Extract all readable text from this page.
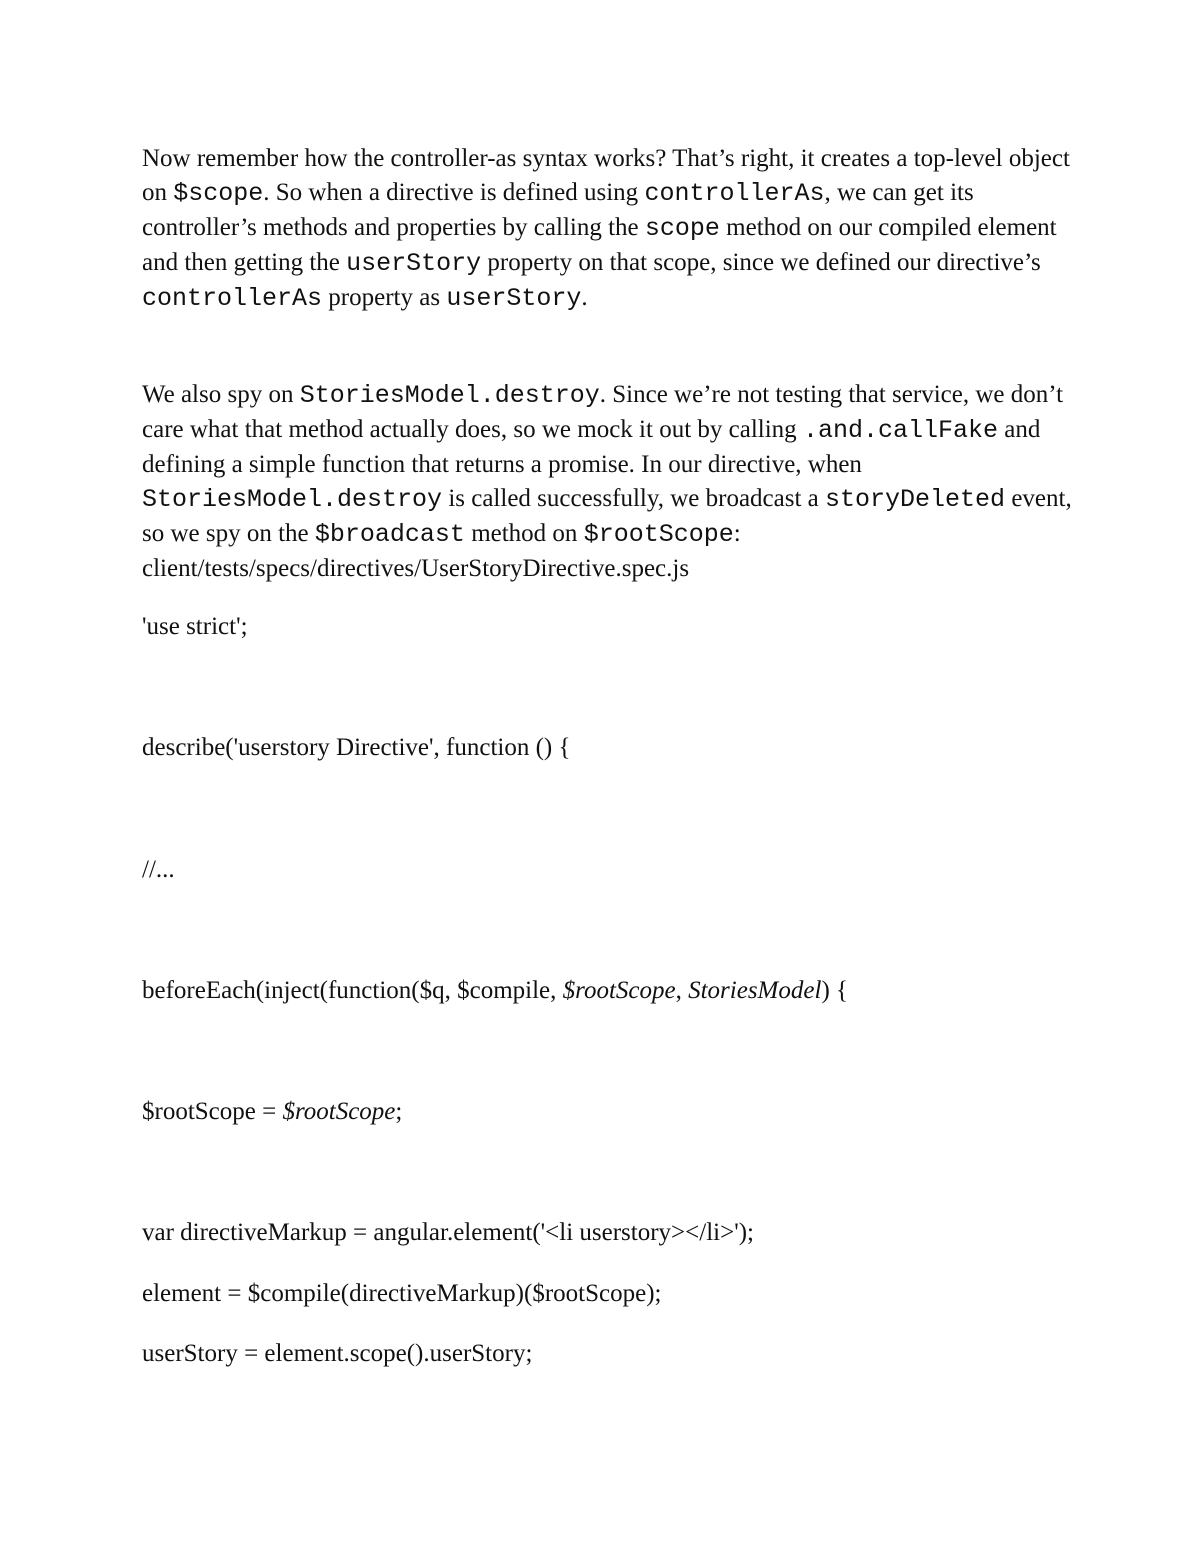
Now remember how the controller-as syntax works? That’s right, it creates a top-level object on $scope. So when a directive is defined using controllerAs, we can get its controller’s methods and properties by calling the scope method on our compiled element and then getting the userStory property on that scope, since we defined our directive’s controllerAs property as userStory.

We also spy on StoriesModel.destroy. Since we’re not testing that service, we don’t care what that method actually does, so we mock it out by calling .and.callFake and defining a simple function that returns a promise. In our directive, when StoriesModel.destroy is called successfully, we broadcast a storyDeleted event, so we spy on the $broadcast method on $rootScope: client/tests/specs/directives/UserStoryDirective.spec.js

'use strict';

describe('userstory Directive', function () {

//...

beforeEach(inject(function($q, $compile, $rootScope, StoriesModel) {

$rootScope = $rootScope;

var directiveMarkup = angular.element('<li userstory></li>');

element = $compile(directiveMarkup)($rootScope);

userStory = element.scope().userStory;
